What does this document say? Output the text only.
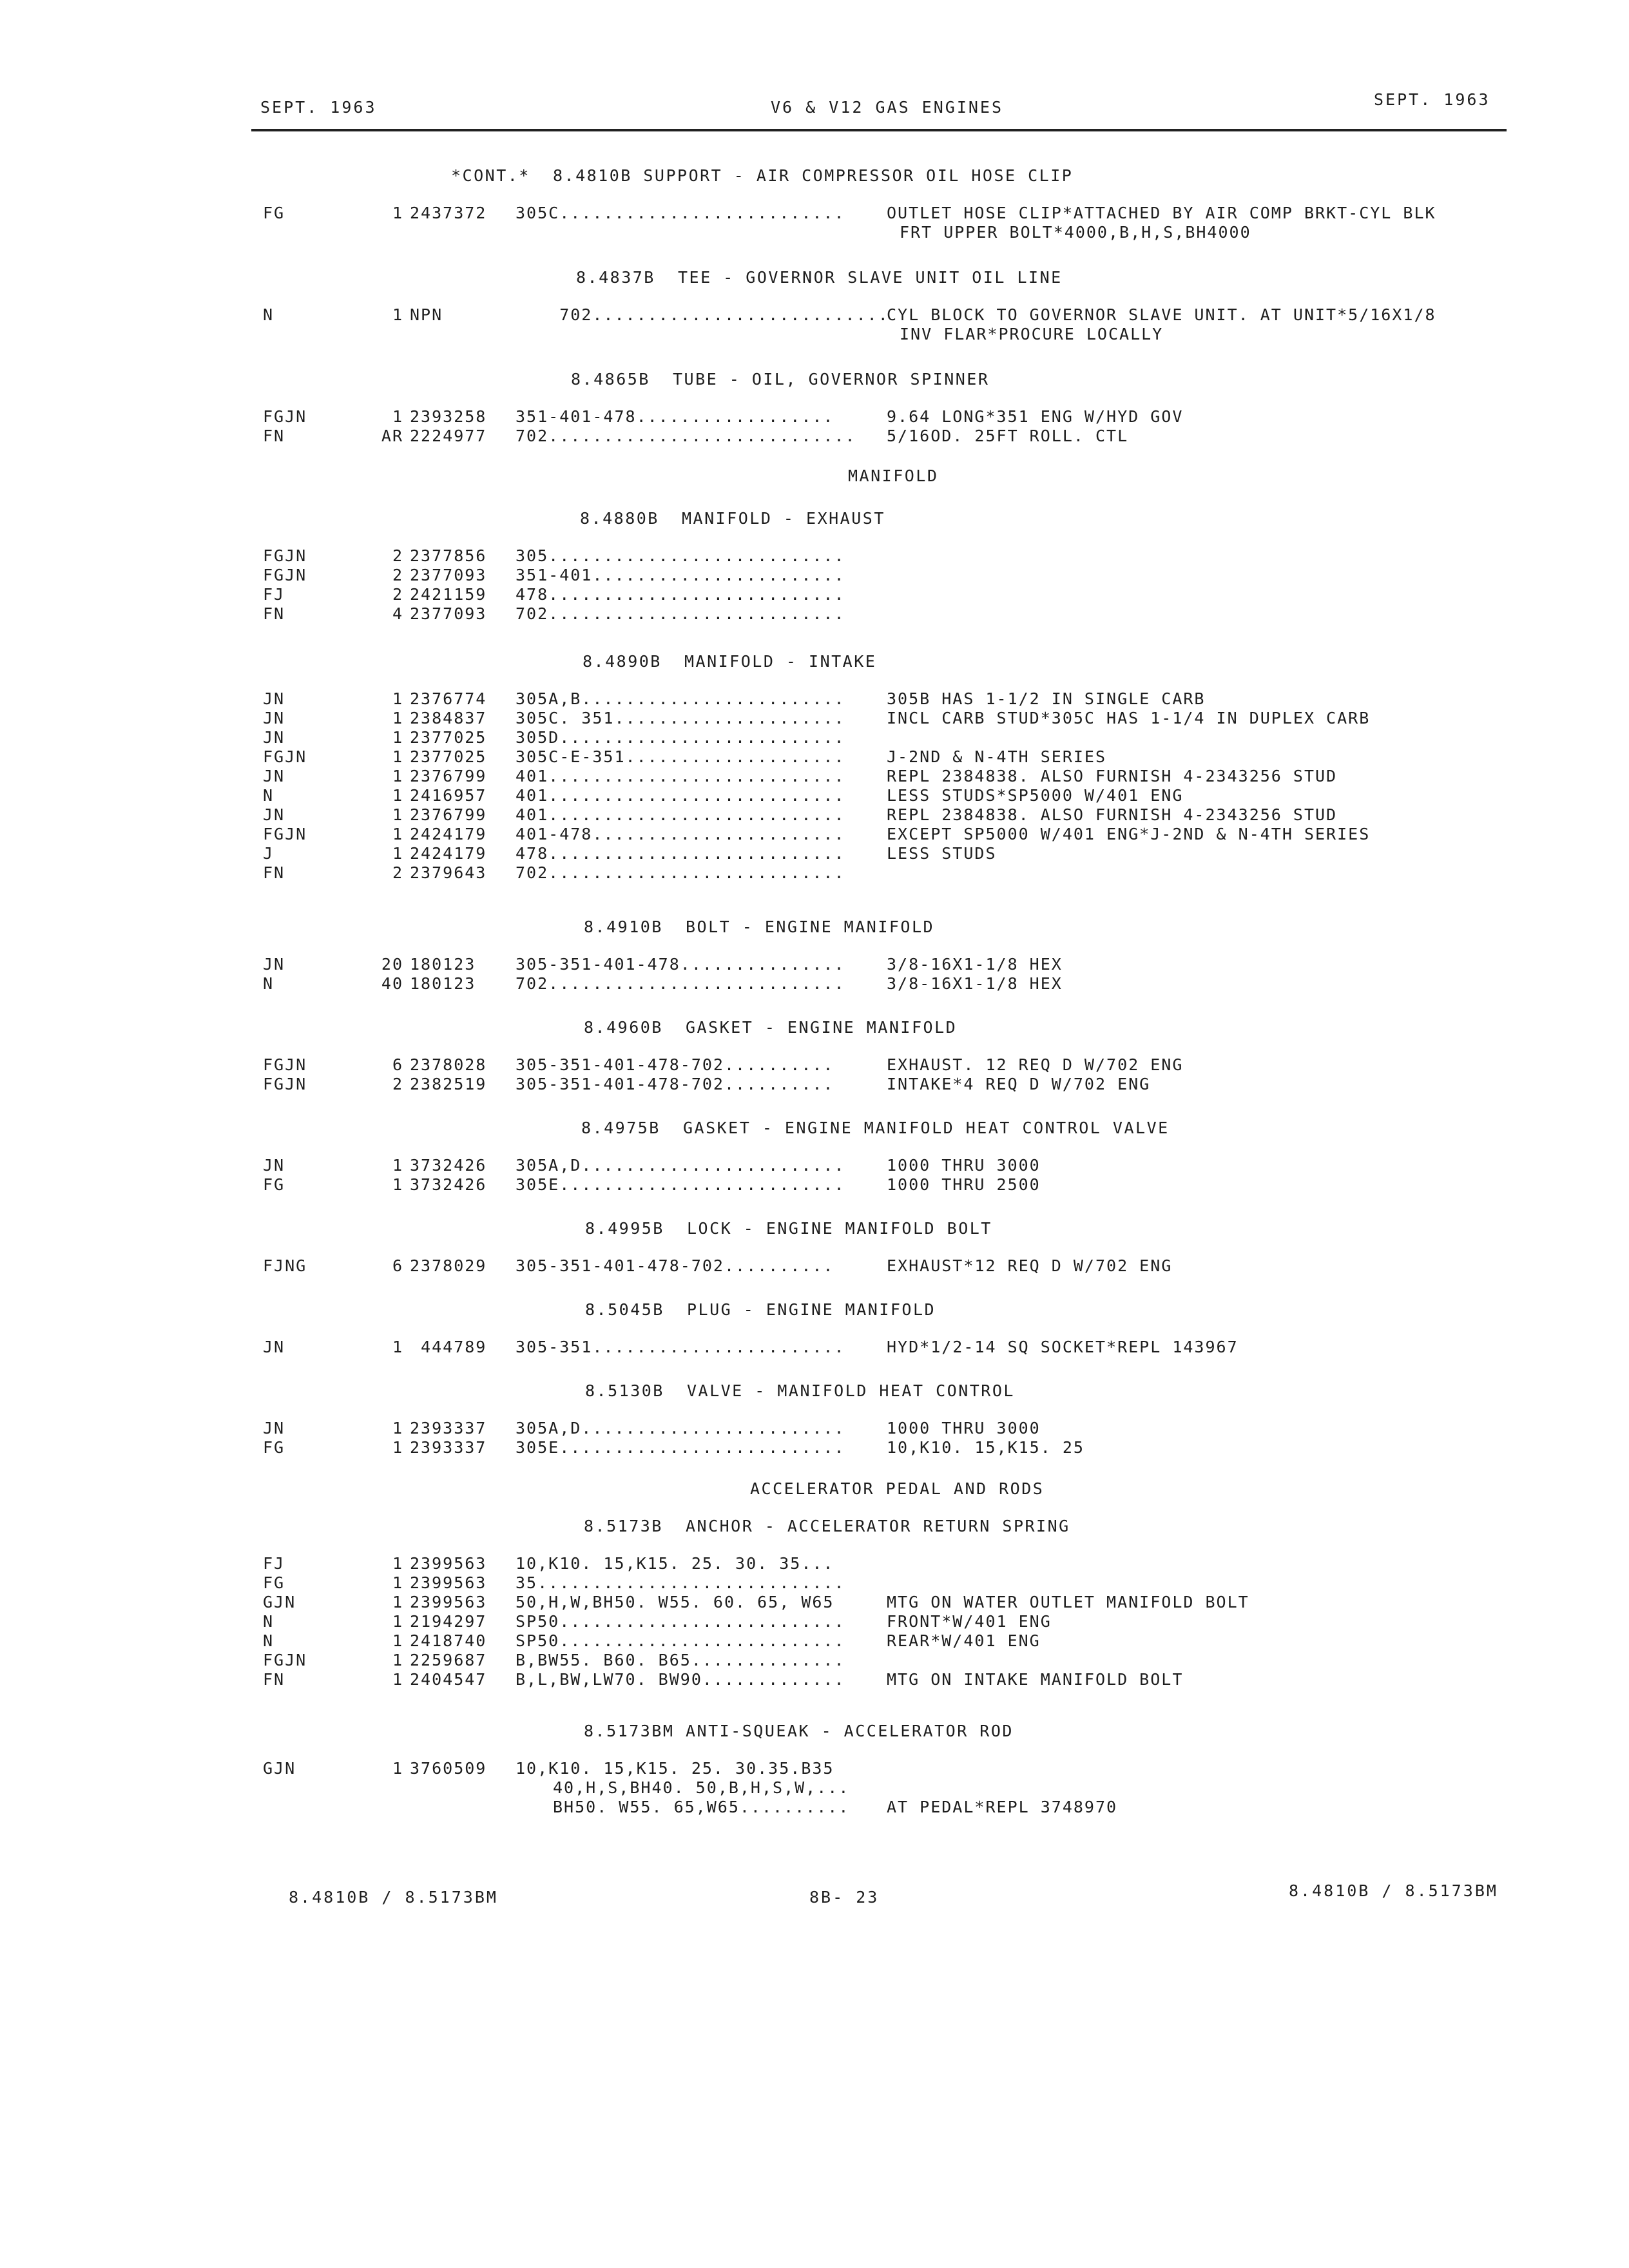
SEPT. 1963	V6 & V12 GAS ENGINES	SEPT. 1963
*CONT.*  8.4810B SUPPORT - AIR COMPRESSOR OIL HOSE CLIP
FG	1 2437372 305C..........................	OUTLET HOSE CLIP*ATTACHED BY AIR COMP BRKT-CYL BLK
FRT UPPER BOLT*4000,B,H,S,BH4000
8.4837B  TEE - GOVERNOR SLAVE UNIT OIL LINE
N	1 NPN	702...........................
CYL BLOCK TO GOVERNOR SLAVE UNIT. AT UNIT*5/16X1/8
INV FLAR*PROCURE LOCALLY
8.4865B  TUBE - OIL, GOVERNOR SPINNER
FGJN	1 2393258 351-401-478..................	9.64 LONG*351 ENG W/HYD GOV
FN	AR 2224977 702............................ 5/16OD. 25FT ROLL. CTL
MANIFOLD
8.4880B  MANIFOLD - EXHAUST
FGJN	2 2377856 305...........................
FGJN	2 2377093 351-401.......................
FJ	2 2421159 478...........................
FN	4 2377093 702...........................
8.4890B  MANIFOLD - INTAKE
JN	1 2376774 305A,B........................	305B HAS 1-1/2 IN SINGLE CARB
JN	1 2384837 305C. 351.....................	INCL CARB STUD*305C HAS 1-1/4 IN DUPLEX CARB
JN	1 2377025 305D..........................
FGJN	1 2377025 305C-E-351....................	J-2ND & N-4TH SERIES
JN	1 2376799 401...........................	REPL 2384838. ALSO FURNISH 4-2343256 STUD
N	1 2416957 401...........................	LESS STUDS*SP5000 W/401 ENG
JN	1 2376799 401...........................	REPL 2384838. ALSO FURNISH 4-2343256 STUD
FGJN	1 2424179 401-478.......................	EXCEPT SP5000 W/401 ENG*J-2ND & N-4TH SERIES
J	1 2424179 478...........................	LESS STUDS
FN	2 2379643 702...........................
8.4910B  BOLT - ENGINE MANIFOLD
JN	20 180123 305-351-401-478...............	3/8-16X1-1/8 HEX
N	40 180123 702...........................	3/8-16X1-1/8 HEX
8.4960B  GASKET - ENGINE MANIFOLD
FGJN	6 2378028 305-351-401-478-702..........	EXHAUST. 12 REQ D W/702 ENG
FGJN	2 2382519 305-351-401-478-702..........	INTAKE*4 REQ D W/702 ENG
8.4975B  GASKET - ENGINE MANIFOLD HEAT CONTROL VALVE
JN	1 3732426 305A,D........................	1000 THRU 3000
FG	1 3732426 305E..........................	1000 THRU 2500
8.4995B  LOCK - ENGINE MANIFOLD BOLT
FJNG	6 2378029 305-351-401-478-702..........	EXHAUST*12 REQ D W/702 ENG
8.5045B  PLUG - ENGINE MANIFOLD
JN	1 444789 305-351.......................	HYD*1/2-14 SQ SOCKET*REPL 143967
8.5130B  VALVE - MANIFOLD HEAT CONTROL
JN	1 2393337 305A,D........................	1000 THRU 3000
FG	1 2393337 305E..........................	10,K10. 15,K15. 25
ACCELERATOR PEDAL AND RODS
8.5173B  ANCHOR - ACCELERATOR RETURN SPRING
FJ	1 2399563 10,K10. 15,K15. 25. 30. 35...
FG	1 2399563 35............................
GJN	1 2399563 50,H,W,BH50. W55. 60. 65, W65	MTG ON WATER OUTLET MANIFOLD BOLT
N	1 2194297 SP50..........................	FRONT*W/401 ENG
N	1 2418740 SP50..........................	REAR*W/401 ENG
FGJN	1 2259687 B,BW55. B60. B65..............
FN	1 2404547 B,L,BW,LW70. BW90.............	MTG ON INTAKE MANIFOLD BOLT
8.5173BM ANTI-SQUEAK - ACCELERATOR ROD
GJN	1 3760509 10,K10. 15,K15. 25. 30.35.B35
40,H,S,BH40. 50,B,H,S,W,...
BH50. W55. 65,W65.......... AT PEDAL*REPL 3748970
8.4810B / 8.5173BM	8B- 23	8.4810B / 8.5173BM
